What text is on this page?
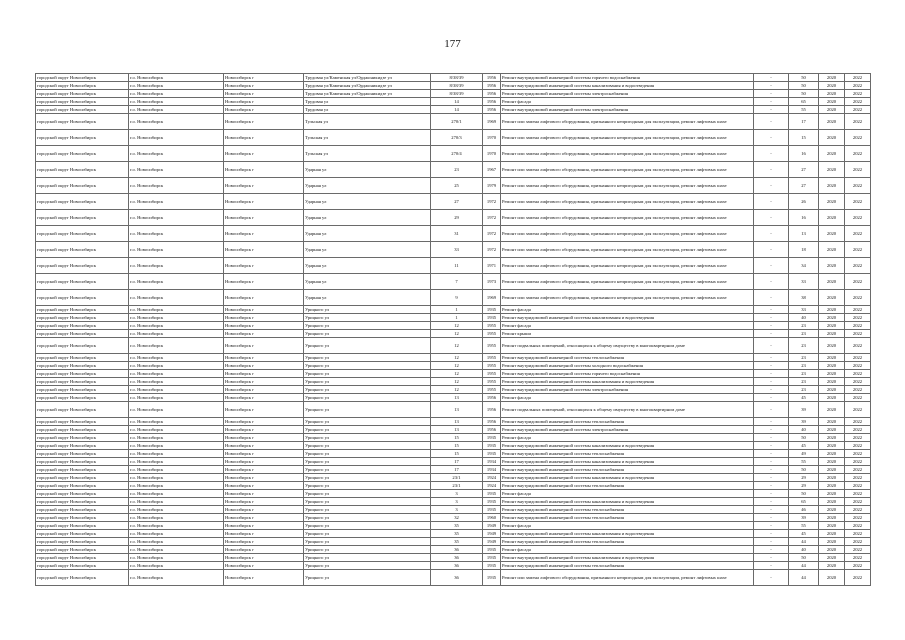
177
городской округ Новосибирск	г.о. Новосибирск	Новосибирск г	Трудовая ул/Каменская ул/Орджоникидзе ул	8/38/39	1956	Ремонт внутридомовой инженерной системы горячего водоснабжения	-	50	2020	2022
городской округ Новосибирск	г.о. Новосибирск	Новосибирск г	Трудовая ул/Каменская ул/Орджоникидзе ул	8/38/39	1956	Ремонт внутридомовой инженерной системы канализования и водоотведения	-	50	2020	2022
городской округ Новосибирск	г.о. Новосибирск	Новосибирск г	Трудовая ул/Каменская ул/Орджоникидзе ул	8/38/39	1956	Ремонт внутридомовой инженерной системы электроснабжения	-	50	2020	2022
городской округ Новосибирск	г.о. Новосибирск	Новосибирск г	Трудовая ул	14	1956	Ремонт фасада	-	65	2020	2022
городской округ Новосибирск	г.о. Новосибирск	Новосибирск г	Трудовая ул	14	1956	Ремонт внутридомовой инженерной системы электроснабжения	-	55	2020	2022
городской округ Новосибирск	г.о. Новосибирск	Новосибирск г	Тульская ул	270/1	1969	Ремонт или замена лифтового оборудования, признанного непригодным для эксплуатации, ремонт лифтовых шахт	-	17	2020	2022
городской округ Новосибирск	г.о. Новосибирск	Новосибирск г	Тульская ул	270/3	1970	Ремонт или замена лифтового оборудования, признанного непригодным для эксплуатации, ремонт лифтовых шахт	-	15	2020	2022
городской округ Новосибирск	г.о. Новосибирск	Новосибирск г	Тульская ул	270/4	1970	Ремонт или замена лифтового оборудования, признанного непригодным для эксплуатации, ремонт лифтовых шахт	-	16	2020	2022
городской округ Новосибирск	г.о. Новосибирск	Новосибирск г	Ударная ул	23	1967	Ремонт или замена лифтового оборудования, признанного непригодным для эксплуатации, ремонт лифтовых шахт	-	27	2020	2022
городской округ Новосибирск	г.о. Новосибирск	Новосибирск г	Ударная ул	25	1979	Ремонт или замена лифтового оборудования, признанного непригодным для эксплуатации, ремонт лифтовых шахт	-	27	2020	2022
городской округ Новосибирск	г.о. Новосибирск	Новосибирск г	Ударная ул	27	1972	Ремонт или замена лифтового оборудования, признанного непригодным для эксплуатации, ремонт лифтовых шахт	-	26	2020	2022
городской округ Новосибирск	г.о. Новосибирск	Новосибирск г	Ударная ул	29	1972	Ремонт или замена лифтового оборудования, признанного непригодным для эксплуатации, ремонт лифтовых шахт	-	16	2020	2022
городской округ Новосибирск	г.о. Новосибирск	Новосибирск г	Ударная ул	31	1972	Ремонт или замена лифтового оборудования, признанного непригодным для эксплуатации, ремонт лифтовых шахт	-	13	2020	2022
городской округ Новосибирск	г.о. Новосибирск	Новосибирск г	Ударная ул	33	1972	Ремонт или замена лифтового оборудования, признанного непригодным для эксплуатации, ремонт лифтовых шахт	-	18	2020	2022
городской округ Новосибирск	г.о. Новосибирск	Новосибирск г	Ударная ул	11	1971	Ремонт или замена лифтового оборудования, признанного непригодным для эксплуатации, ремонт лифтовых шахт	-	34	2020	2022
городской округ Новосибирск	г.о. Новосибирск	Новосибирск г	Ударная ул	7	1973	Ремонт или замена лифтового оборудования, признанного непригодным для эксплуатации, ремонт лифтовых шахт	-	33	2020	2022
городской округ Новосибирск	г.о. Новосибирск	Новосибирск г	Ударная ул	9	1969	Ремонт или замена лифтового оборудования, признанного непригодным для эксплуатации, ремонт лифтовых шахт	-	38	2020	2022
городской округ Новосибирск	г.о. Новосибирск	Новосибирск г	Урицкого ул	1	1935	Ремонт фасада	-	33	2020	2022
городской округ Новосибирск	г.о. Новосибирск	Новосибирск г	Урицкого ул	1	1935	Ремонт внутридомовой инженерной системы канализования и водоотведения	-	40	2020	2022
городской округ Новосибирск	г.о. Новосибирск	Новосибирск г	Урицкого ул	12	1955	Ремонт фасада	-	23	2020	2022
городской округ Новосибирск	г.о. Новосибирск	Новосибирск г	Урицкого ул	12	1955	Ремонт крыши	-	23	2020	2022
городской округ Новосибирск	г.о. Новосибирск	Новосибирск г	Урицкого ул	12	1955	Ремонт подвальных помещений, относящихся к общему имуществу в многоквартирном доме	-	23	2020	2022
городской округ Новосибирск	г.о. Новосибирск	Новосибирск г	Урицкого ул	12	1955	Ремонт внутридомовой инженерной системы теплоснабжения	-	23	2020	2022
городской округ Новосибирск	г.о. Новосибирск	Новосибирск г	Урицкого ул	12	1955	Ремонт внутридомовой инженерной системы холодного водоснабжения	-	23	2020	2022
городской округ Новосибирск	г.о. Новосибирск	Новосибирск г	Урицкого ул	12	1955	Ремонт внутридомовой инженерной системы горячего водоснабжения	-	23	2020	2022
городской округ Новосибирск	г.о. Новосибирск	Новосибирск г	Урицкого ул	12	1955	Ремонт внутридомовой инженерной системы канализования и водоотведения	-	23	2020	2022
городской округ Новосибирск	г.о. Новосибирск	Новосибирск г	Урицкого ул	12	1955	Ремонт внутридомовой инженерной системы электроснабжения	-	23	2020	2022
городской округ Новосибирск	г.о. Новосибирск	Новосибирск г	Урицкого ул	13	1956	Ремонт фасада	-	45	2020	2022
городской округ Новосибирск	г.о. Новосибирск	Новосибирск г	Урицкого ул	13	1956	Ремонт подвальных помещений, относящихся к общему имуществу в многоквартирном доме	-	39	2020	2022
городской округ Новосибирск	г.о. Новосибирск	Новосибирск г	Урицкого ул	13	1956	Ремонт внутридомовой инженерной системы теплоснабжения	-	39	2020	2022
городской округ Новосибирск	г.о. Новосибирск	Новосибирск г	Урицкого ул	13	1956	Ремонт внутридомовой инженерной системы электроснабжения	-	40	2020	2022
городской округ Новосибирск	г.о. Новосибирск	Новосибирск г	Урицкого ул	15	1935	Ремонт фасада	-	50	2020	2022
городской округ Новосибирск	г.о. Новосибирск	Новосибирск г	Урицкого ул	15	1935	Ремонт внутридомовой инженерной системы канализования и водоотведения	-	45	2020	2022
городской округ Новосибирск	г.о. Новосибирск	Новосибирск г	Урицкого ул	15	1935	Ремонт внутридомовой инженерной системы теплоснабжения	-	49	2020	2022
городской округ Новосибирск	г.о. Новосибирск	Новосибирск г	Урицкого ул	17	1934	Ремонт внутридомовой инженерной системы канализования и водоотведения	-	55	2020	2022
городской округ Новосибирск	г.о. Новосибирск	Новосибирск г	Урицкого ул	17	1934	Ремонт внутридомовой инженерной системы теплоснабжения	-	50	2020	2022
городской округ Новосибирск	г.о. Новосибирск	Новосибирск г	Урицкого ул	23/1	1924	Ремонт внутридомовой инженерной системы канализования и водоотведения	-	29	2020	2022
городской округ Новосибирск	г.о. Новосибирск	Новосибирск г	Урицкого ул	23/1	1924	Ремонт внутридомовой инженерной системы теплоснабжения	-	29	2020	2022
городской округ Новосибирск	г.о. Новосибирск	Новосибирск г	Урицкого ул	3	1935	Ремонт фасада	-	50	2020	2022
городской округ Новосибирск	г.о. Новосибирск	Новосибирск г	Урицкого ул	3	1935	Ремонт внутридомовой инженерной системы канализования и водоотведения	-	65	2020	2022
городской округ Новосибирск	г.о. Новосибирск	Новосибирск г	Урицкого ул	3	1935	Ремонт внутридомовой инженерной системы теплоснабжения	-	46	2020	2022
городской округ Новосибирск	г.о. Новосибирск	Новосибирск г	Урицкого ул	32	1960	Ремонт внутридомовой инженерной системы теплоснабжения	-	39	2020	2022
городской округ Новосибирск	г.о. Новосибирск	Новосибирск г	Урицкого ул	35	1949	Ремонт фасада	-	55	2020	2022
городской округ Новосибирск	г.о. Новосибирск	Новосибирск г	Урицкого ул	35	1949	Ремонт внутридомовой инженерной системы канализования и водоотведения	-	45	2020	2022
городской округ Новосибирск	г.о. Новосибирск	Новосибирск г	Урицкого ул	35	1949	Ремонт внутридомовой инженерной системы теплоснабжения	-	44	2020	2022
городской округ Новосибирск	г.о. Новосибирск	Новосибирск г	Урицкого ул	36	1935	Ремонт фасада	-	40	2020	2022
городской округ Новосибирск	г.о. Новосибирск	Новосибирск г	Урицкого ул	36	1935	Ремонт внутридомовой инженерной системы канализования и водоотведения	-	50	2020	2022
городской округ Новосибирск	г.о. Новосибирск	Новосибирск г	Урицкого ул	36	1935	Ремонт внутридомовой инженерной системы теплоснабжения	-	44	2020	2022
городской округ Новосибирск	г.о. Новосибирск	Новосибирск г	Урицкого ул	36	1935	Ремонт или замена лифтового оборудования, признанного непригодным для эксплуатации, ремонт лифтовых шахт	-	44	2020	2022
